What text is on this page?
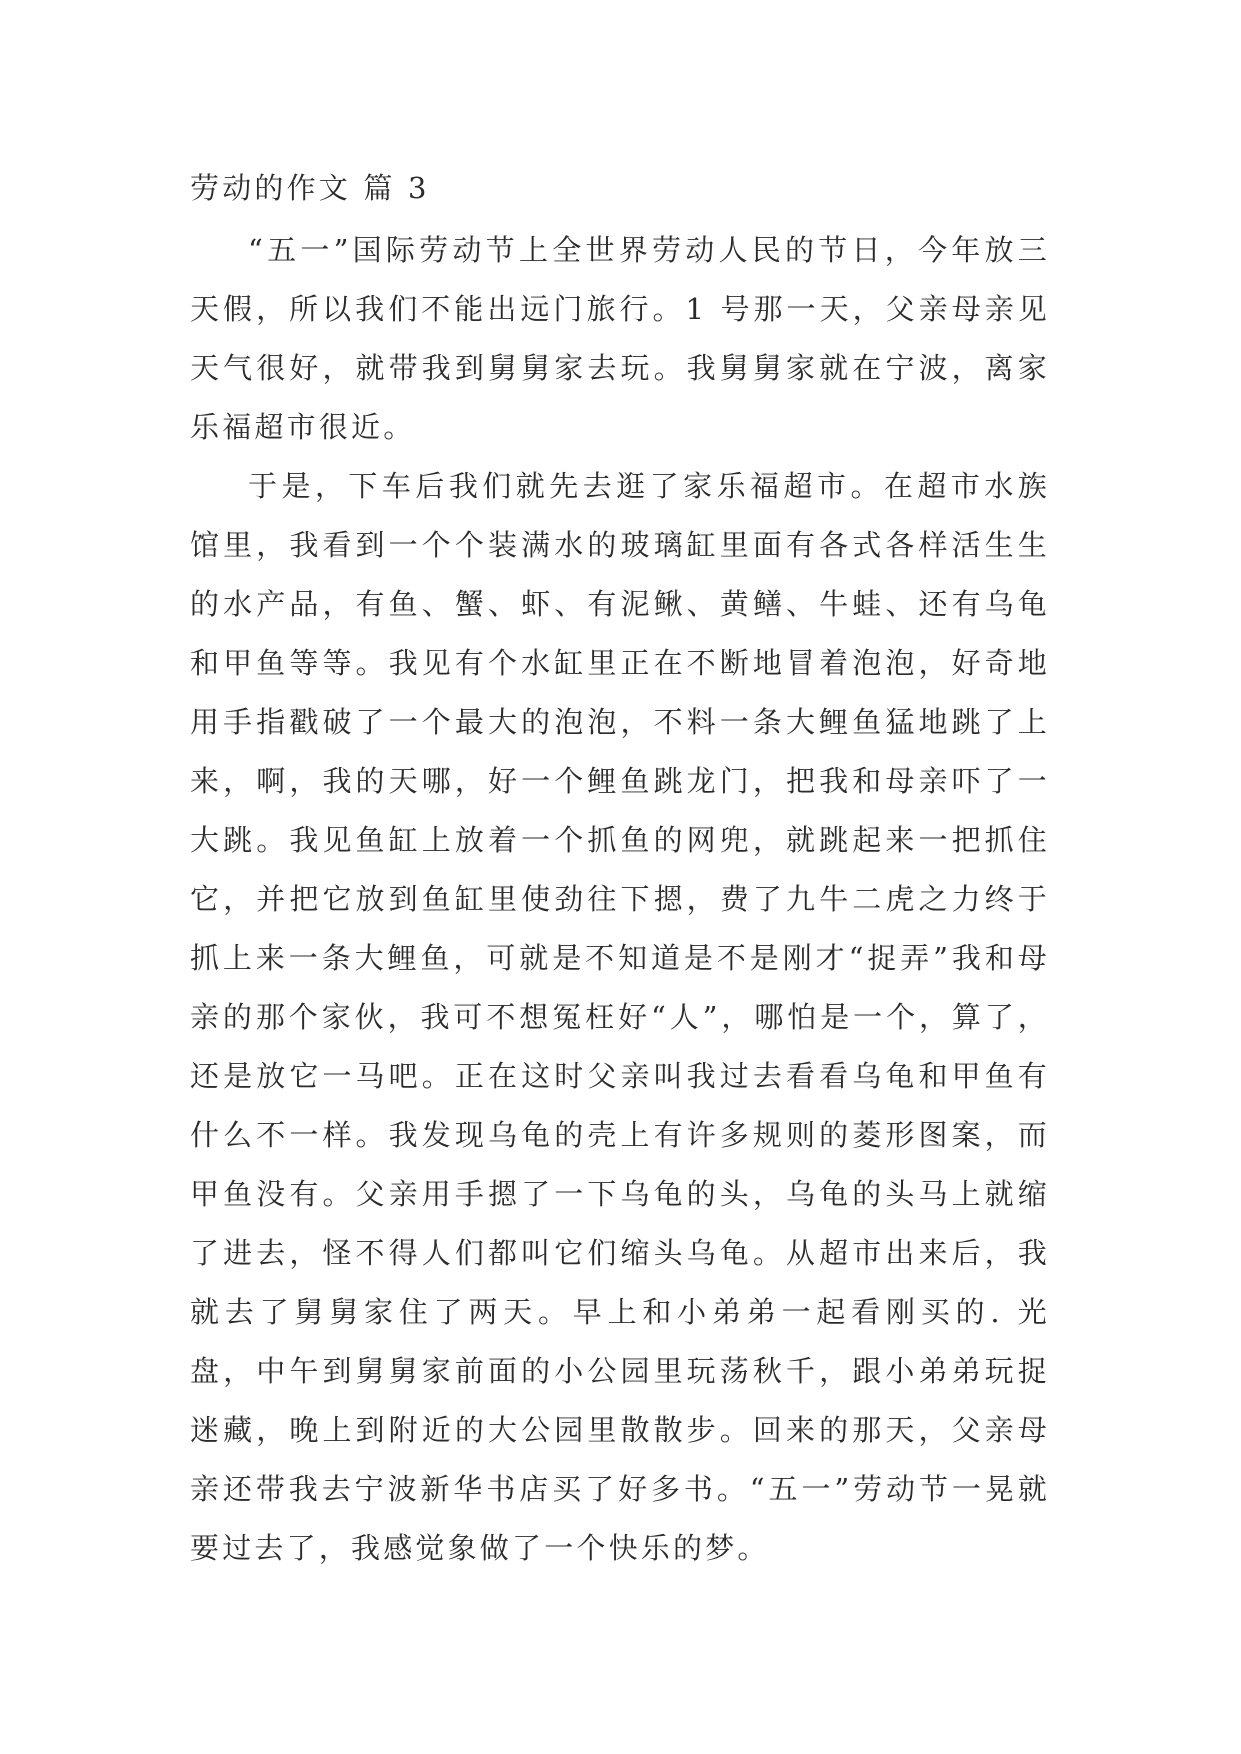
劳动的作文 篇 3

“五一”国际劳动节上全世界劳动人民的节日，今年放三天假，所以我们不能出远门旅行。1 号那一天，父亲母亲见天气很好，就带我到舅舅家去玩。我舅舅家就在宁波，离家乐福超市很近。

于是，下车后我们就先去逛了家乐福超市。在超市水族馆里，我看到一个个装满水的玻璃缸里面有各式各样活生生的水产品，有鱼、蟹、虾、有泥鳅、黄鳝、牛蛙、还有乌龟和甲鱼等等。我见有个水缸里正在不断地冒着泡泡，好奇地用手指戳破了一个最大的泡泡，不料一条大鲤鱼猛地跳了上来，啊，我的天哪，好一个鲤鱼跳龙门，把我和母亲吓了一大跳。我见鱼缸上放着一个抓鱼的网兜，就跳起来一把抓住它，并把它放到鱼缸里使劲往下摁，费了九牛二虎之力终于抓上来一条大鲤鱼，可就是不知道是不是刚才“捉弄”我和母亲的那个家伙，我可不想冤枉好“人”，哪怕是一个，算了，还是放它一马吧。正在这时父亲叫我过去看看乌龟和甲鱼有什么不一样。我发现乌龟的壳上有许多规则的菱形图案，而甲鱼没有。父亲用手摁了一下乌龟的头，乌龟的头马上就缩了进去，怪不得人们都叫它们缩头乌龟。从超市出来后，我就去了舅舅家住了两天。早上和小弟弟一起看刚买的. 光盘，中午到舅舅家前面的小公园里玩荡秋千，跟小弟弟玩捉迷藏，晚上到附近的大公园里散散步。回来的那天，父亲母亲还带我去宁波新华书店买了好多书。“五一”劳动节一晃就要过去了，我感觉象做了一个快乐的梦。
